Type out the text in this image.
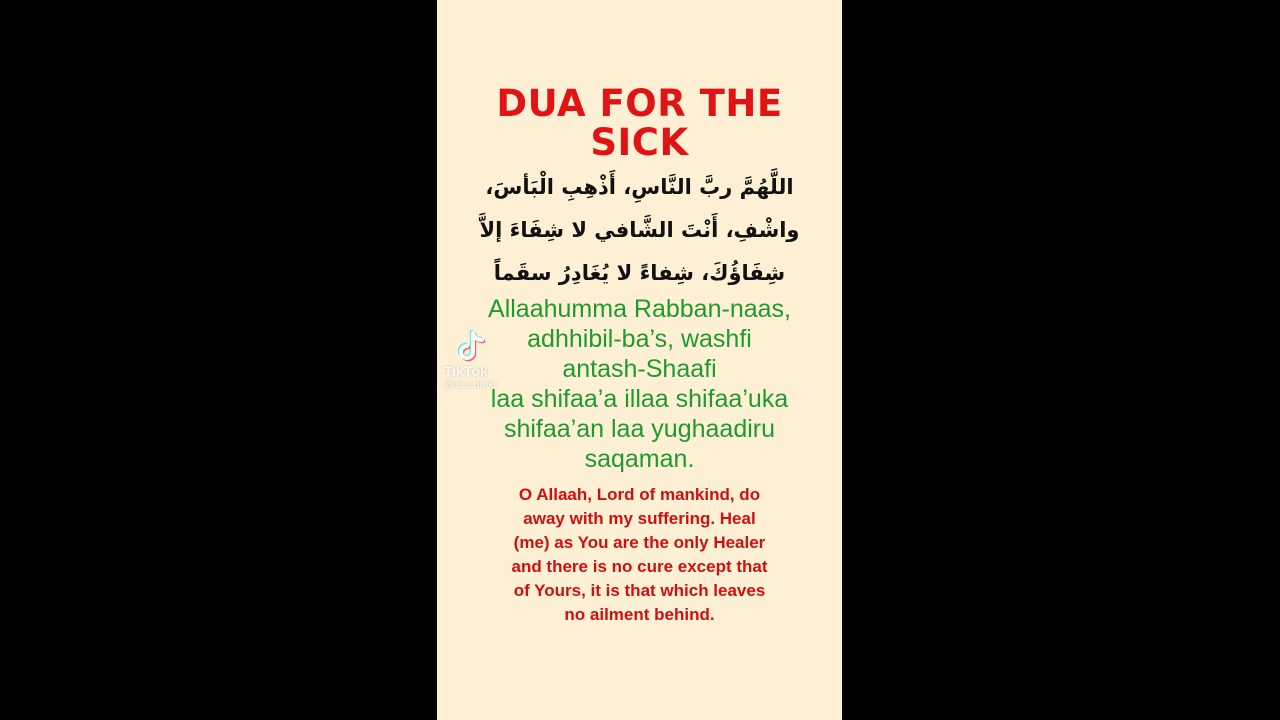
DUA FOR THE
SICK
اللَّهُمَّ ربَّ النَّاسِ، أَذْهِبِ الْبَأسَ،
واشْفِ، أَنْتَ الشَّافي لا شِفَاءَ إلاَّ
شِفَاؤُكَ، شِفاءً لا يُغَادِرُ سقَماً
Allaahumma Rabban-naas,
adhhibil-ba’s, washfi
antash-Shaafi
laa shifaa’a illaa shifaa’uka
shifaa’an laa yughaadiru
saqaman.
O Allaah, Lord of mankind, do
away with my suffering. Heal
(me) as You are the only Healer
and there is no cure except that
of Yours, it is that which leaves
no ailment behind.
TikTok
@duadhikr
